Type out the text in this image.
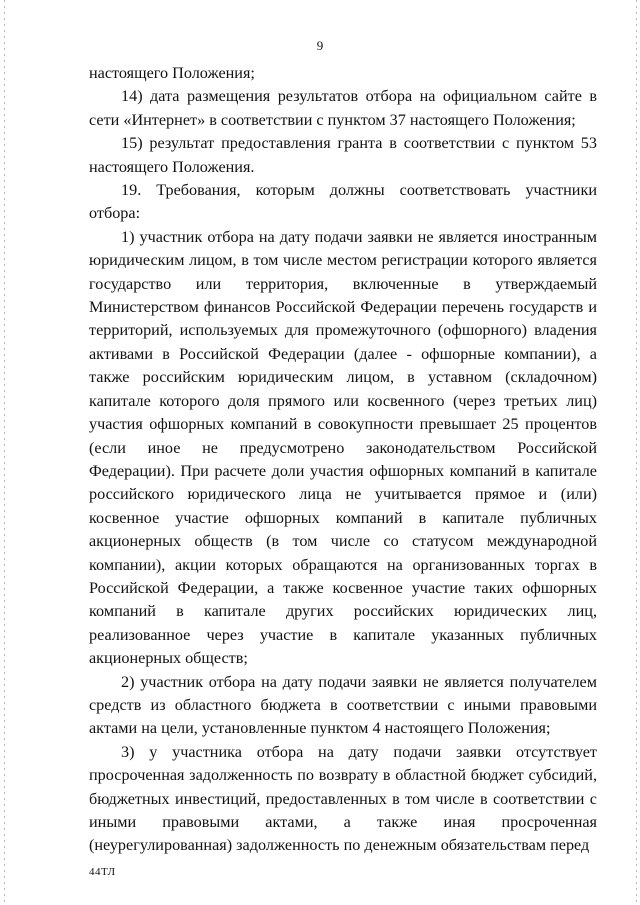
9

настоящего Положения;

14) дата размещения результатов отбора на официальном сайте в сети «Интернет» в соответствии с пунктом 37 настоящего Положения;

15) результат предоставления гранта в соответствии с пунктом 53 настоящего Положения.

19. Требования, которым должны соответствовать участники отбора:

1) участник отбора на дату подачи заявки не является иностранным юридическим лицом, в том числе местом регистрации которого является государство или территория, включенные в утверждаемый Министерством финансов Российской Федерации перечень государств и территорий, используемых для промежуточного (офшорного) владения активами в Российской Федерации (далее - офшорные компании), а также российским юридическим лицом, в уставном (складочном) капитале которого доля прямого или косвенного (через третьих лиц) участия офшорных компаний в совокупности превышает 25 процентов (если иное не предусмотрено законодательством Российской Федерации). При расчете доли участия офшорных компаний в капитале российского юридического лица не учитывается прямое и (или) косвенное участие офшорных компаний в капитале публичных акционерных обществ (в том числе со статусом международной компании), акции которых обращаются на организованных торгах в Российской Федерации, а также косвенное участие таких офшорных компаний в капитале других российских юридических лиц, реализованное через участие в капитале указанных публичных акционерных обществ;

2) участник отбора на дату подачи заявки не является получателем средств из областного бюджета в соответствии с иными правовыми актами на цели, установленные пунктом 4 настоящего Положения;

3) у участника отбора на дату подачи заявки отсутствует просроченная задолженность по возврату в областной бюджет субсидий, бюджетных инвестиций, предоставленных в том числе в соответствии с иными правовыми актами, а также иная просроченная (неурегулированная) задолженность по денежным обязательствам перед

44ТЛ
